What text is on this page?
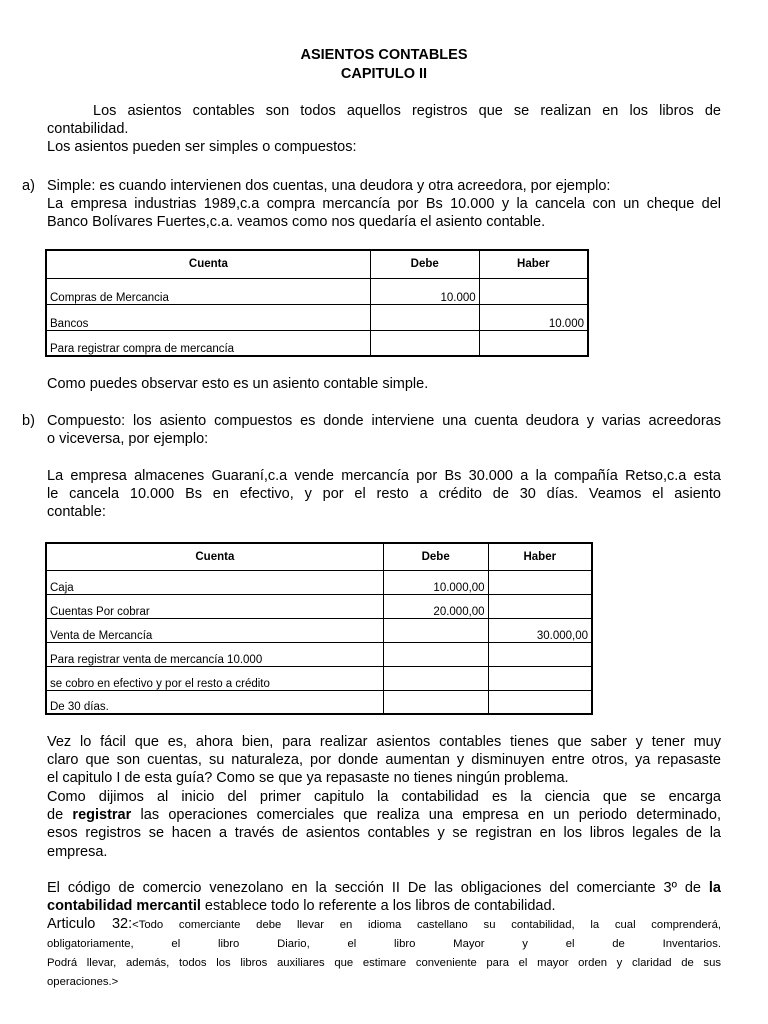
ASIENTOS CONTABLES
CAPITULO II
Los asientos contables son todos aquellos registros que se realizan en los libros de
contabilidad.
Los asientos pueden ser simples o compuestos:
a) Simple: es cuando intervienen dos cuentas, una deudora y otra acreedora, por ejemplo:
La empresa industrias 1989,c.a compra mercancía por Bs 10.000 y la cancela con un cheque del
Banco Bolívares Fuertes,c.a. veamos como nos quedaría el asiento contable.
Cuenta	Debe	Haber
Compras de Mercancia	10.000	
Bancos		10.000
Para registrar compra de mercancía		
Como puedes observar esto es un asiento contable simple.
b) Compuesto: los asiento compuestos es donde interviene una cuenta deudora y varias acreedoras
o viceversa, por ejemplo:
La empresa almacenes Guaraní,c.a vende mercancía por Bs 30.000 a la compañía Retso,c.a esta
le cancela 10.000 Bs en efectivo, y por el resto a crédito de 30 días. Veamos el asiento
contable:
Cuenta	Debe	Haber
Caja	10.000,00	
Cuentas Por cobrar	20.000,00	
Venta de Mercancía		30.000,00
Para registrar venta de mercancía 10.000		
se cobro en efectivo y por el resto a crédito		
De 30 días.		
Vez lo fácil que es, ahora bien, para realizar asientos contables tienes que saber y tener muy
claro que son cuentas, su naturaleza, por donde aumentan y disminuyen entre otros, ya repasaste
el capitulo I de esta guía? Como se que ya repasaste no tienes ningún problema.
Como dijimos al inicio del primer capitulo la contabilidad es la ciencia que se encarga
de registrar las operaciones comerciales que realiza una empresa en un periodo determinado,
esos registros se hacen a través de asientos contables y se registran en los libros legales de la
empresa.
El código de comercio venezolano en la sección II De las obligaciones del comerciante 3º de la
contabilidad mercantil establece todo lo referente a los libros de contabilidad.
Articulo 32:<Todo comerciante debe llevar en idioma castellano su contabilidad, la cual comprenderá,
obligatoriamente,      el      libro      Diario,      el      libro      Mayor      y      el      de      Inventarios.
Podrá llevar, además, todos los libros auxiliares que estimare conveniente para el mayor orden y claridad de sus
operaciones.>
